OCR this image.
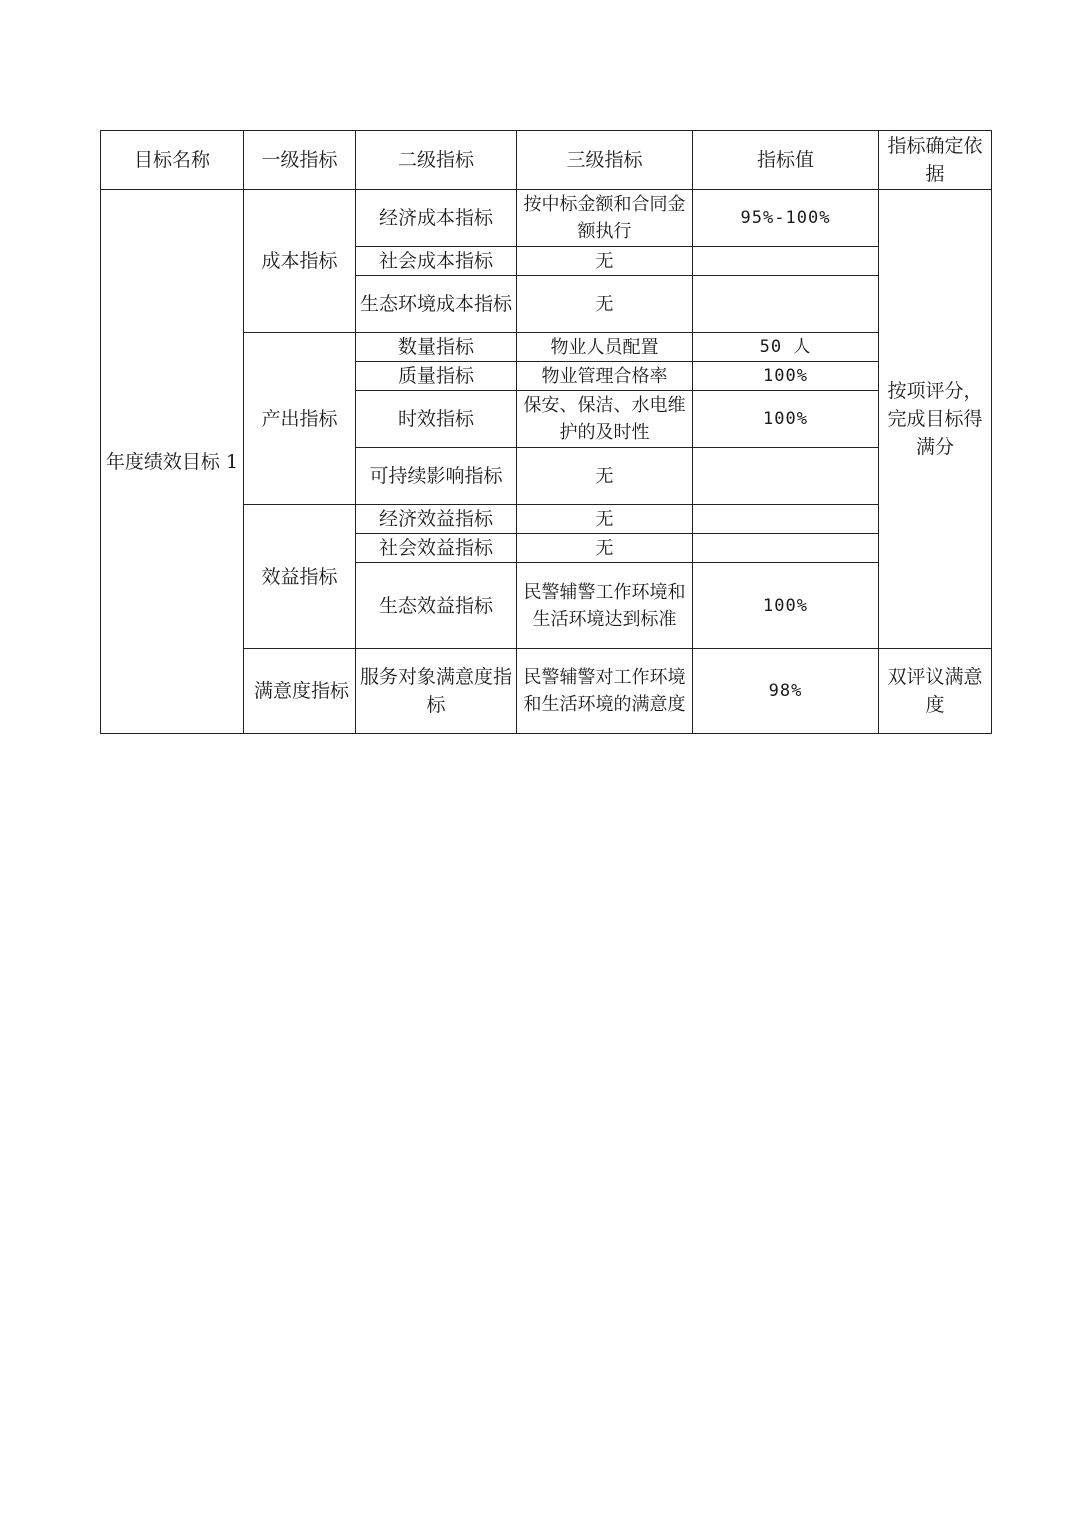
目标名称	一级指标	二级指标	三级指标	指标值	指标确定依据
年度绩效目标 1	成本指标	经济成本指标	按中标金额和合同金额执行	95%-100%	按项评分，完成目标得满分
		社会成本指标	无		
		生态环境成本指标	无		
	产出指标	数量指标	物业人员配置	50 人	
		质量指标	物业管理合格率	100%	
		时效指标	保安、保洁、水电维护的及时性	100%	
		可持续影响指标	无		
	效益指标	经济效益指标	无		
		社会效益指标	无		
		生态效益指标	民警辅警工作环境和生活环境达到标准	100%	
	满意度指标	服务对象满意度指标	民警辅警对工作环境和生活环境的满意度	98%	双评议满意度
